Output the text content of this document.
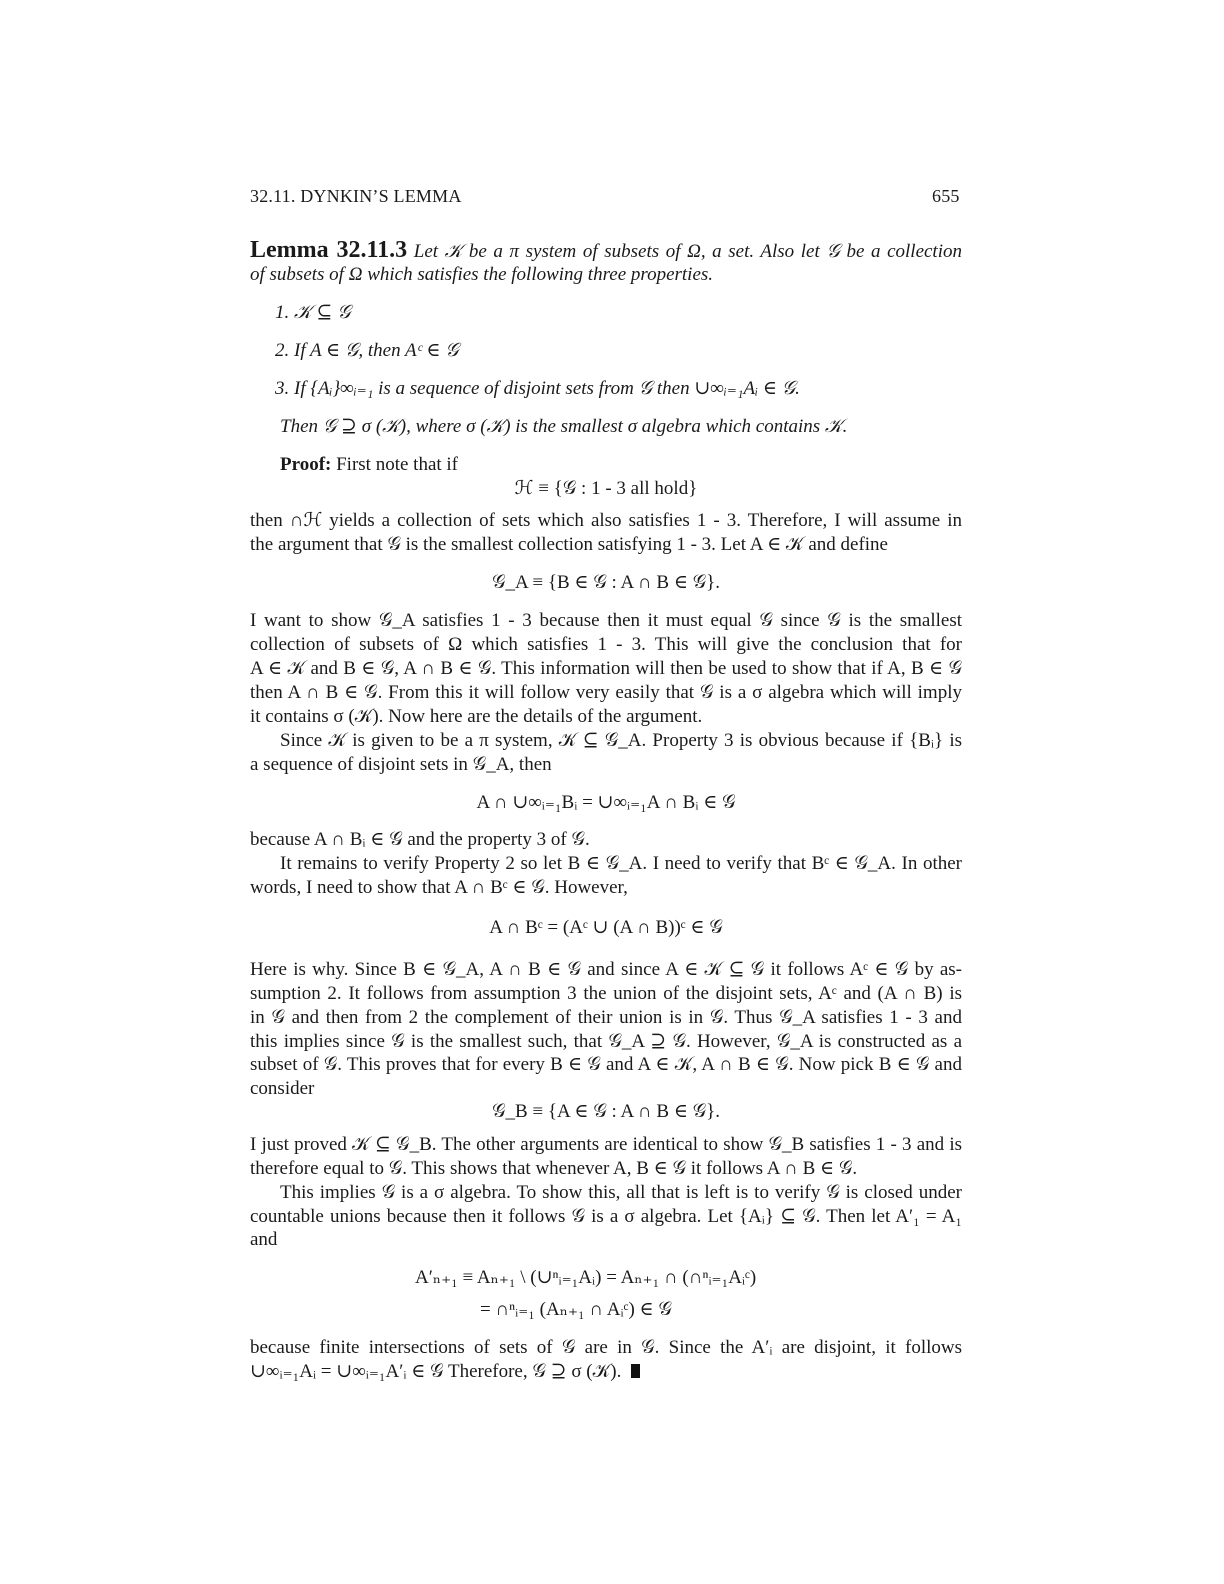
32.11. DYNKIN’S LEMMA	655
Lemma 32.11.3 Let 𝒦 be a π system of subsets of Ω, a set. Also let 𝒢 be a collection
of subsets of Ω which satisfies the following three properties.
1. 𝒦 ⊆ 𝒢
2. If A ∈ 𝒢, then Aᶜ ∈ 𝒢
3. If {Aᵢ}∞ᵢ₌₁ is a sequence of disjoint sets from 𝒢 then ∪∞ᵢ₌₁Aᵢ ∈ 𝒢.
Then 𝒢 ⊇ σ (𝒦), where σ (𝒦) is the smallest σ algebra which contains 𝒦.
Proof: First note that if
ℋ ≡ {𝒢 : 1 - 3 all hold}
then ∩ℋ yields a collection of sets which also satisfies 1 - 3. Therefore, I will assume in
the argument that 𝒢 is the smallest collection satisfying 1 - 3. Let A ∈ 𝒦 and define
𝒢_A ≡ {B ∈ 𝒢 : A ∩ B ∈ 𝒢}.
I want to show 𝒢_A satisfies 1 - 3 because then it must equal 𝒢 since 𝒢 is the smallest
collection of subsets of Ω which satisfies 1 - 3. This will give the conclusion that for
A ∈ 𝒦 and B ∈ 𝒢, A ∩ B ∈ 𝒢. This information will then be used to show that if A, B ∈ 𝒢
then A ∩ B ∈ 𝒢. From this it will follow very easily that 𝒢 is a σ algebra which will imply
it contains σ (𝒦). Now here are the details of the argument.
Since 𝒦 is given to be a π system, 𝒦 ⊆ 𝒢_A. Property 3 is obvious because if {Bᵢ} is
a sequence of disjoint sets in 𝒢_A, then
A ∩ ∪∞ᵢ₌₁Bᵢ = ∪∞ᵢ₌₁A ∩ Bᵢ ∈ 𝒢
because A ∩ Bᵢ ∈ 𝒢 and the property 3 of 𝒢.
It remains to verify Property 2 so let B ∈ 𝒢_A. I need to verify that Bᶜ ∈ 𝒢_A. In other
words, I need to show that A ∩ Bᶜ ∈ 𝒢. However,
A ∩ Bᶜ = (Aᶜ ∪ (A ∩ B))ᶜ ∈ 𝒢
Here is why. Since B ∈ 𝒢_A, A ∩ B ∈ 𝒢 and since A ∈ 𝒦 ⊆ 𝒢 it follows Aᶜ ∈ 𝒢 by as-
sumption 2. It follows from assumption 3 the union of the disjoint sets, Aᶜ and (A ∩ B) is
in 𝒢 and then from 2 the complement of their union is in 𝒢. Thus 𝒢_A satisfies 1 - 3 and
this implies since 𝒢 is the smallest such, that 𝒢_A ⊇ 𝒢. However, 𝒢_A is constructed as a
subset of 𝒢. This proves that for every B ∈ 𝒢 and A ∈ 𝒦, A ∩ B ∈ 𝒢. Now pick B ∈ 𝒢 and
consider
𝒢_B ≡ {A ∈ 𝒢 : A ∩ B ∈ 𝒢}.
I just proved 𝒦 ⊆ 𝒢_B. The other arguments are identical to show 𝒢_B satisfies 1 - 3 and is
therefore equal to 𝒢. This shows that whenever A, B ∈ 𝒢 it follows A ∩ B ∈ 𝒢.
This implies 𝒢 is a σ algebra. To show this, all that is left is to verify 𝒢 is closed under
countable unions because then it follows 𝒢 is a σ algebra. Let {Aᵢ} ⊆ 𝒢. Then let A′₁ = A₁
and
A′ₙ₊₁ ≡ Aₙ₊₁ \ (∪ⁿᵢ₌₁Aᵢ) = Aₙ₊₁ ∩ (∩ⁿᵢ₌₁Aᵢᶜ)
= ∩ⁿᵢ₌₁ (Aₙ₊₁ ∩ Aᵢᶜ) ∈ 𝒢
because finite intersections of sets of 𝒢 are in 𝒢. Since the A′ᵢ are disjoint, it follows
∪∞ᵢ₌₁Aᵢ = ∪∞ᵢ₌₁A′ᵢ ∈ 𝒢 Therefore, 𝒢 ⊇ σ (𝒦).
